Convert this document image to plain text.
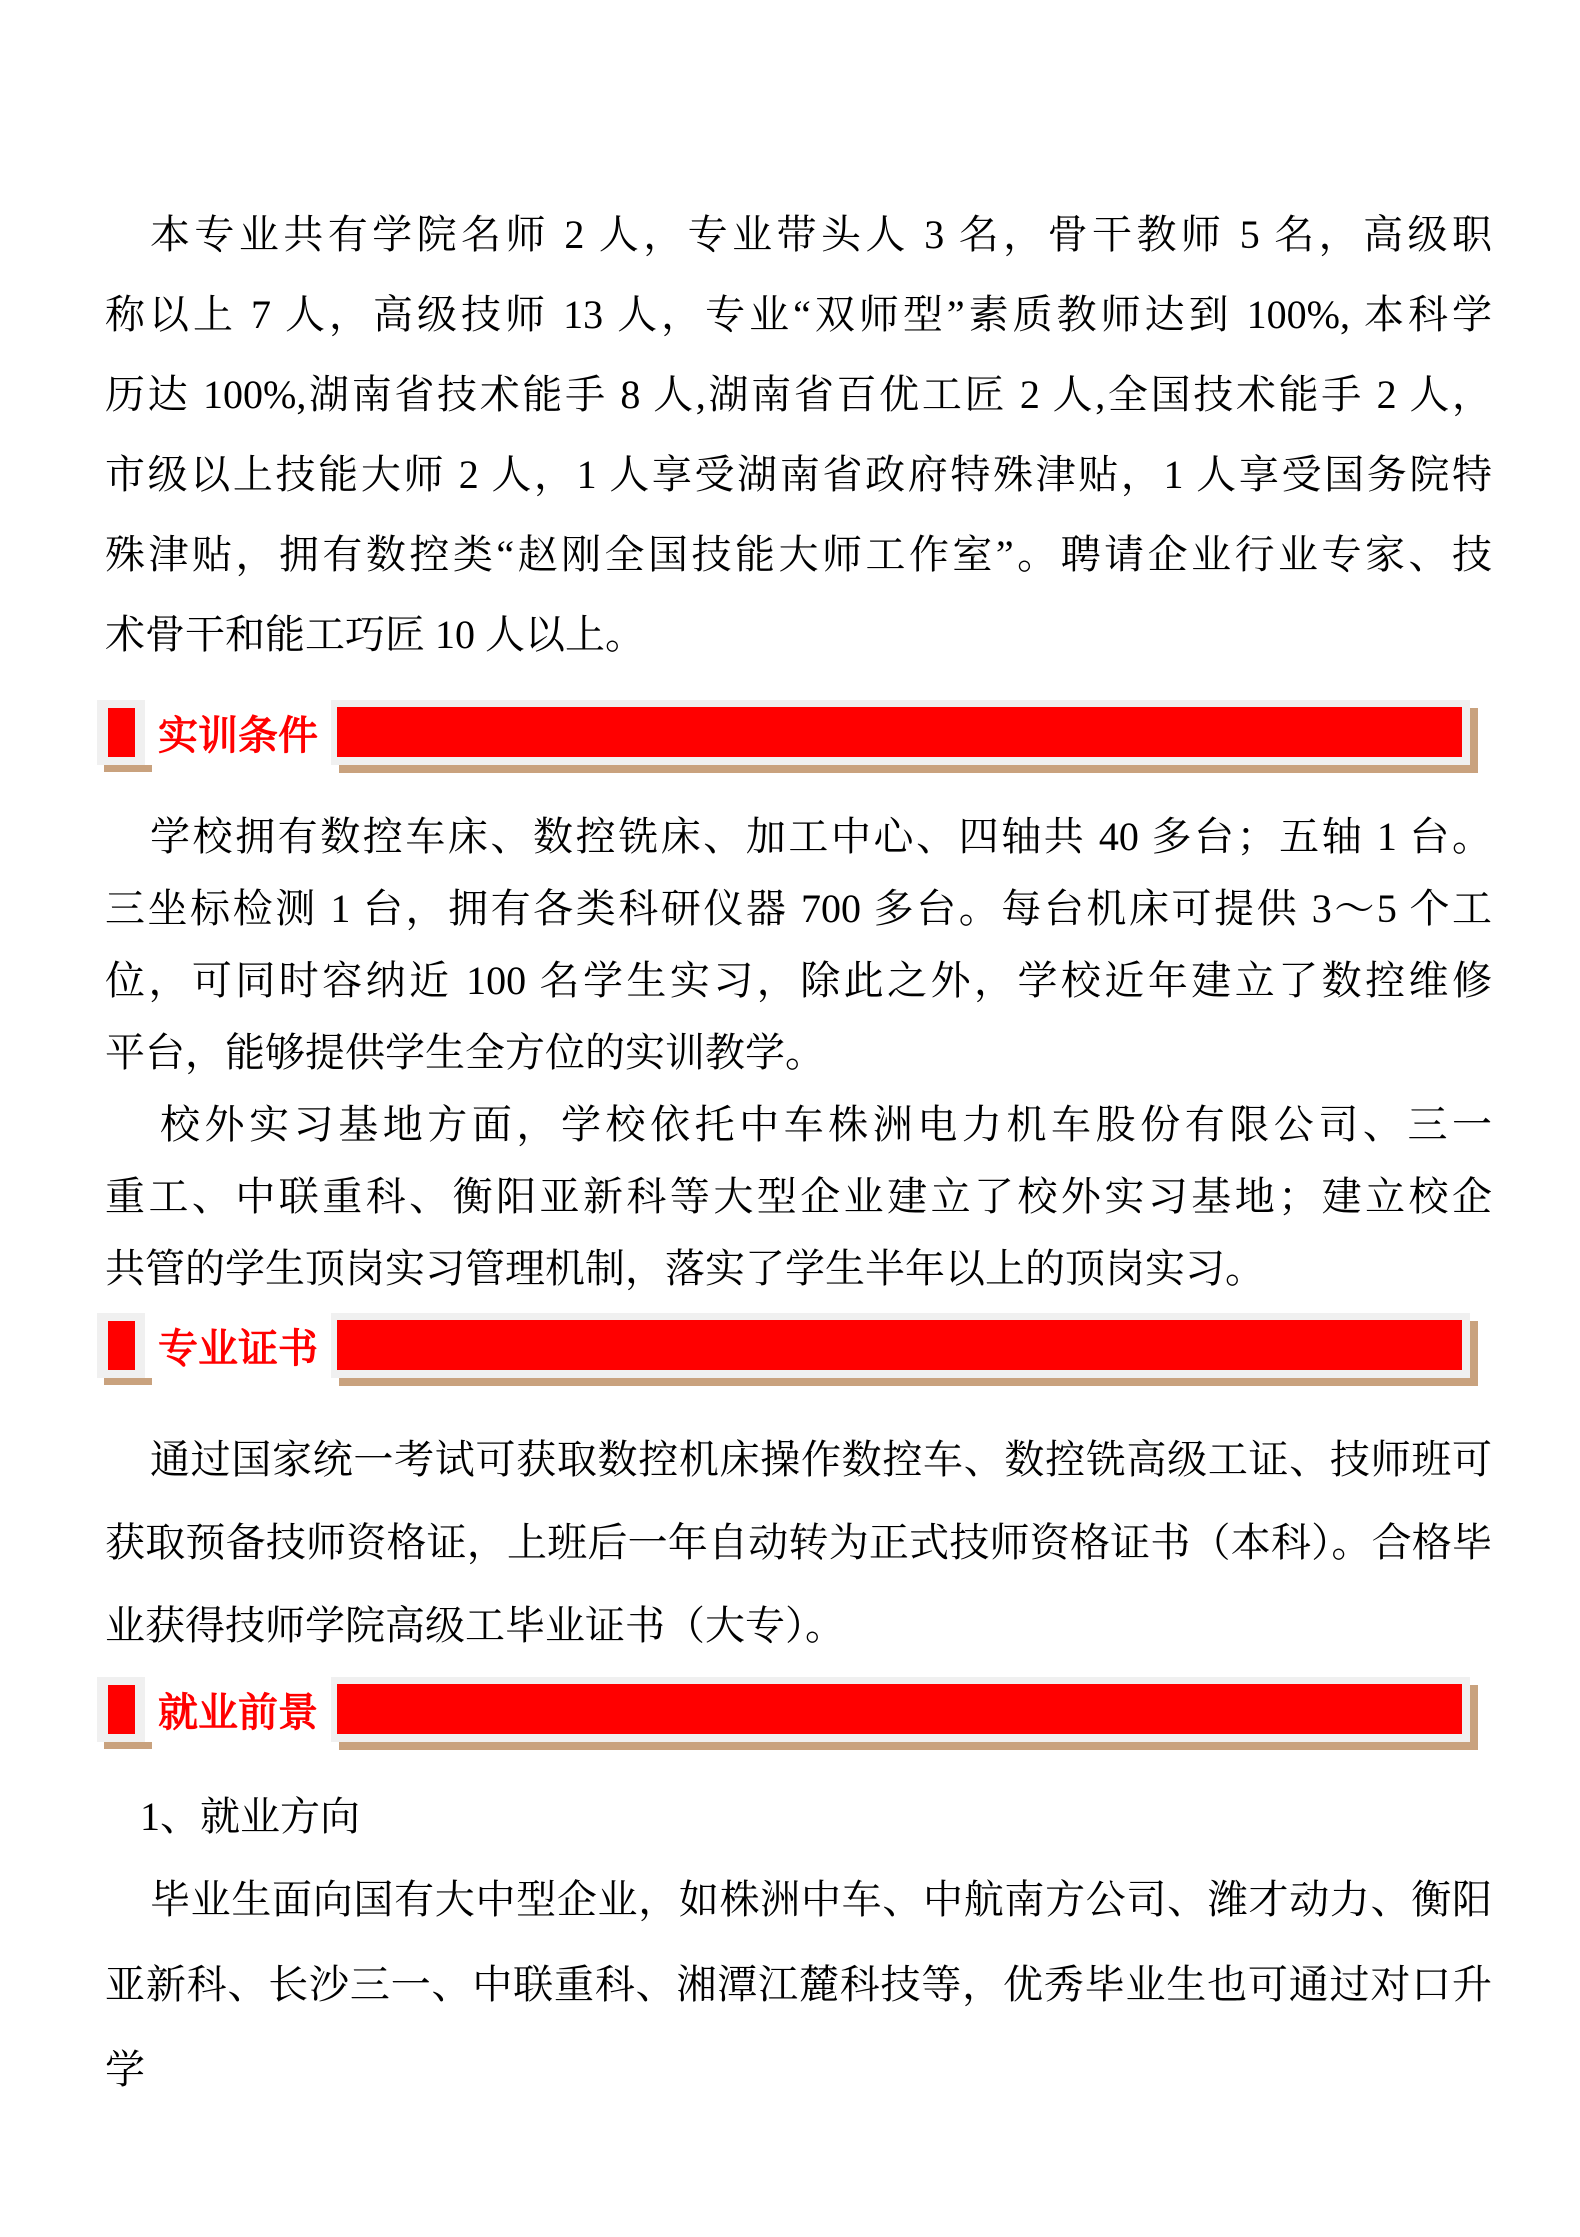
本专业共有学院名师 2 人，专业带头人 3 名，骨干教师 5 名，高级职
称以上 7 人，高级技师 13 人，专业“双师型”素质教师达到 100%, 本科学
历达 100%,湖南省技术能手 8 人,湖南省百优工匠 2 人,全国技术能手 2 人，
市级以上技能大师 2 人，1 人享受湖南省政府特殊津贴，1 人享受国务院特
殊津贴，拥有数控类“赵刚全国技能大师工作室”。聘请企业行业专家、技
术骨干和能工巧匠 10 人以上。
实训条件
学校拥有数控车床、数控铣床、加工中心、四轴共 40 多台；五轴 1 台。
三坐标检测 1 台，拥有各类科研仪器 700 多台。每台机床可提供 3～5 个工
位，可同时容纳近 100 名学生实习，除此之外，学校近年建立了数控维修
平台，能够提供学生全方位的实训教学。
校外实习基地方面，学校依托中车株洲电力机车股份有限公司、三一
重工、中联重科、衡阳亚新科等大型企业建立了校外实习基地；建立校企
共管的学生顶岗实习管理机制，落实了学生半年以上的顶岗实习。
专业证书
通过国家统一考试可获取数控机床操作数控车、数控铣高级工证、技师班可
获取预备技师资格证，上班后一年自动转为正式技师资格证书（本科）。合格毕
业获得技师学院高级工毕业证书（大专）。
就业前景
1、就业方向
毕业生面向国有大中型企业，如株洲中车、中航南方公司、潍才动力、衡阳
亚新科、长沙三一、中联重科、湘潭江麓科技等，优秀毕业生也可通过对口升学
